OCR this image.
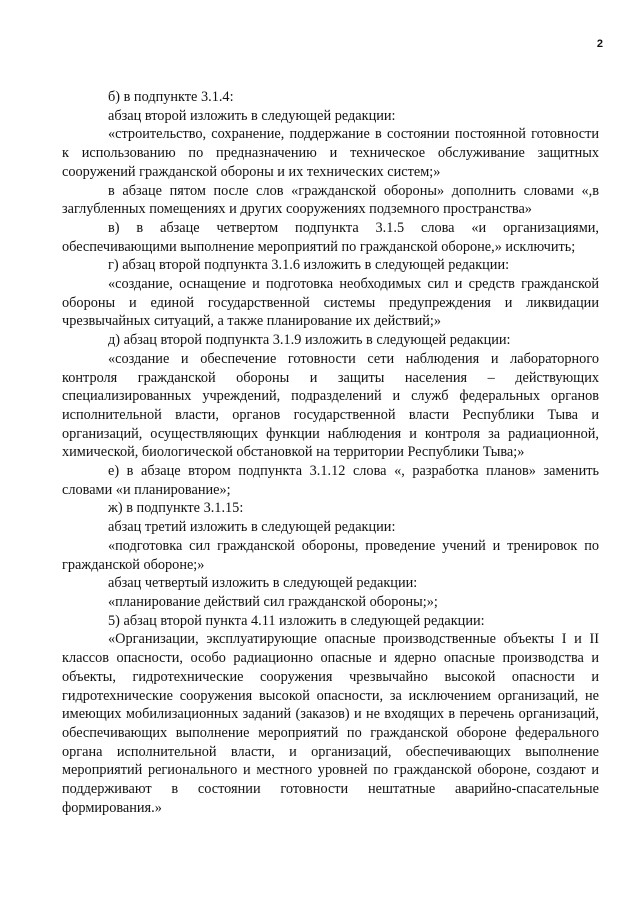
2

б) в подпункте 3.1.4:

абзац второй изложить в следующей редакции:

«строительство, сохранение, поддержание в состоянии постоянной готовности к использованию по предназначению и техническое обслуживание защитных сооружений гражданской обороны и их технических систем;»

в абзаце пятом после слов «гражданской обороны» дополнить словами «,в заглубленных помещениях и других сооружениях подземного пространства»

в) в абзаце четвертом подпункта 3.1.5 слова «и организациями, обеспечивающими выполнение мероприятий по гражданской обороне,» исключить;

г) абзац второй подпункта 3.1.6 изложить в следующей редакции:

«создание, оснащение и подготовка необходимых сил и средств гражданской обороны и единой государственной системы предупреждения и ликвидации чрезвычайных ситуаций, а также планирование их действий;»

д) абзац второй подпункта 3.1.9 изложить в следующей редакции:

«создание и обеспечение готовности сети наблюдения и лабораторного контроля гражданской обороны и защиты населения – действующих специализированных учреждений, подразделений и служб федеральных органов исполнительной власти, органов государственной власти Республики Тыва и организаций, осуществляющих функции наблюдения и контроля за радиационной, химической, биологической обстановкой на территории Республики Тыва;»

е) в абзаце втором подпункта 3.1.12 слова «, разработка планов» заменить словами «и планирование»;

ж) в подпункте 3.1.15:

абзац третий изложить в следующей редакции:

«подготовка сил гражданской обороны, проведение учений и тренировок по гражданской обороне;»

абзац четвертый изложить в следующей редакции:

«планирование действий сил гражданской обороны;»;

5) абзац второй пункта 4.11 изложить в следующей редакции:

«Организации, эксплуатирующие опасные производственные объекты I и II классов опасности, особо радиационно опасные и ядерно опасные производства и объекты, гидротехнические сооружения чрезвычайно высокой опасности и гидротехнические сооружения высокой опасности, за исключением организаций, не имеющих мобилизационных заданий (заказов) и не входящих в перечень организаций, обеспечивающих выполнение мероприятий по гражданской обороне федерального органа исполнительной власти, и организаций, обеспечивающих выполнение мероприятий регионального и местного уровней по гражданской обороне, создают и поддерживают в состоянии готовности нештатные аварийно-спасательные формирования.»
